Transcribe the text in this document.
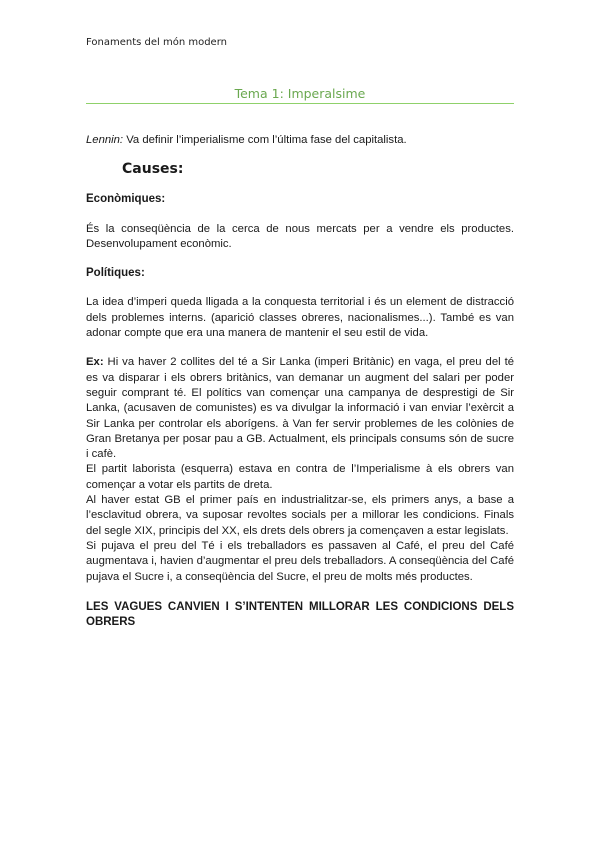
Fonaments del món modern
Tema 1: Imperalsime

Lennin: Va definir l’imperialisme com l’última fase del capitalista.

Causes:

Econòmiques:

És la conseqüència de la cerca de nous mercats per a vendre els productes. Desenvolupament econòmic.

Polítiques:

La idea d’imperi queda lligada a la conquesta territorial i és un element de distracció dels problemes interns. (aparició classes obreres, nacionalismes...). També es van adonar compte que era una manera de mantenir el seu estil de vida.

Ex: Hi va haver 2 collites del té a Sir Lanka (imperi Britànic) en vaga, el preu del té es va disparar i els obrers britànics, van demanar un augment del salari per poder seguir comprant té. El polítics van començar una campanya de desprestigi de Sir Lanka, (acusaven de comunistes) es va divulgar la informació i van enviar l’exèrcit a Sir Lanka per controlar els aborígens. à Van fer servir problemes de les colònies de Gran Bretanya per posar pau a GB. Actualment, els principals consums són de sucre i cafè.

El partit laborista (esquerra) estava en contra de l’Imperialisme à els obrers van començar a votar els partits de dreta.

Al haver estat GB el primer país en industrialitzar-se, els primers anys, a base a l’esclavitud obrera, va suposar revoltes socials per a millorar les condicions. Finals del segle XIX, principis del XX, els drets dels obrers ja començaven a estar legislats.

Si pujava el preu del Té i els treballadors es passaven al Café, el preu del Café augmentava i, havien d’augmentar el preu dels treballadors. A conseqüència del Café pujava el Sucre i, a conseqüència del Sucre, el preu de molts més productes.

LES VAGUES CANVIEN I S’INTENTEN MILLORAR LES CONDICIONS DELS OBRERS
